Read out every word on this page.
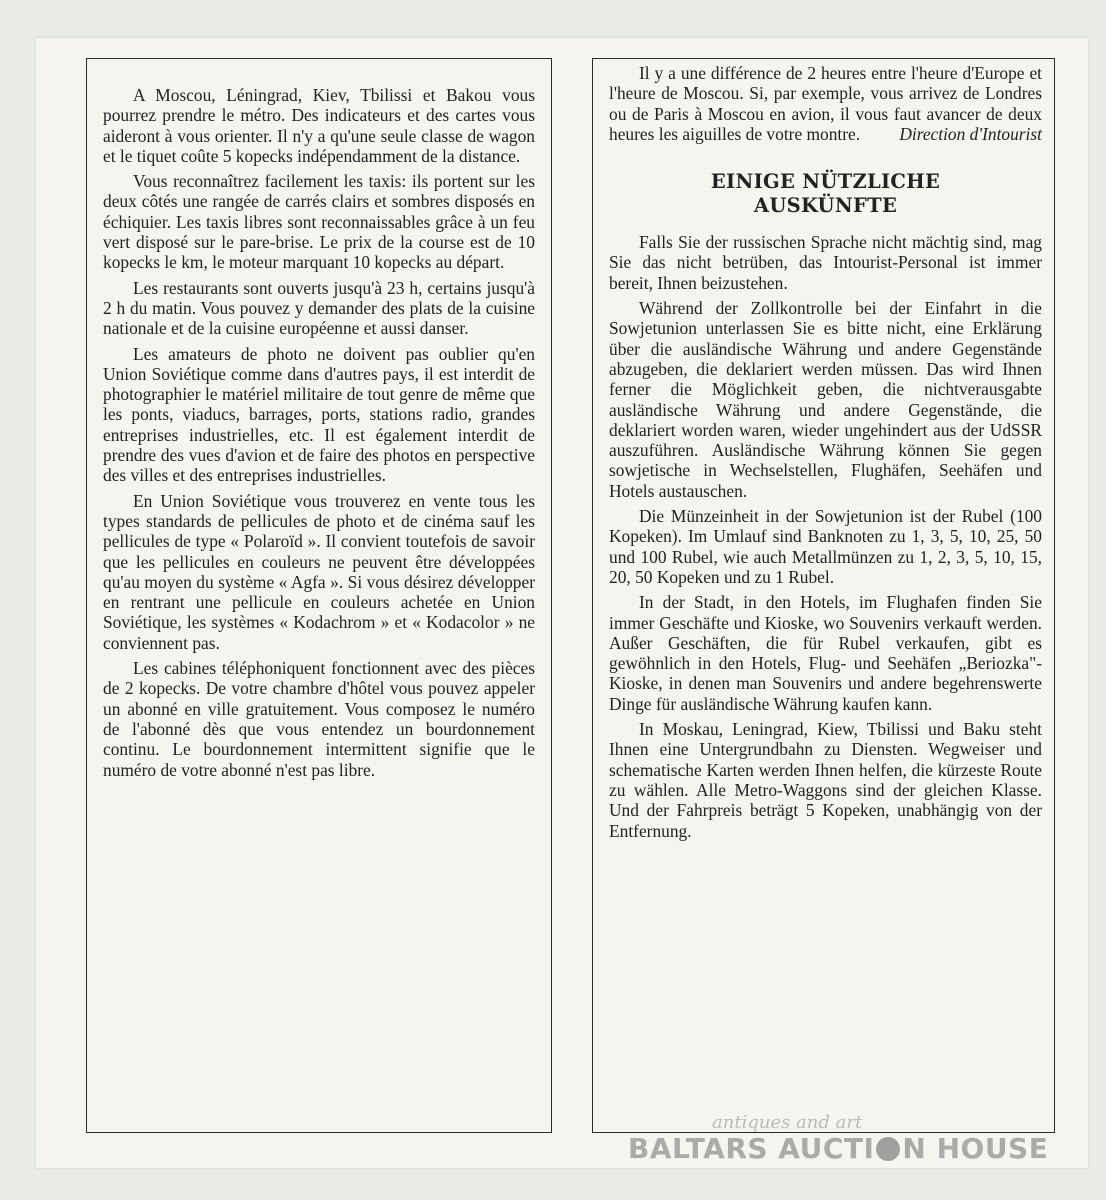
A Moscou, Léningrad, Kiev, Tbilissi et Bakou vous pourrez prendre le métro. Des indicateurs et des cartes vous aideront à vous orienter. Il n'y a qu'une seule classe de wagon et le tiquet coûte 5 kopecks indépendamment de la distance.

Vous reconnaîtrez facilement les taxis: ils portent sur les deux côtés une rangée de carrés clairs et sombres disposés en échiquier. Les taxis libres sont reconnaissables grâce à un feu vert disposé sur le pare-brise. Le prix de la course est de 10 kopecks le km, le moteur marquant 10 kopecks au départ.

Les restaurants sont ouverts jusqu'à 23 h, certains jusqu'à 2 h du matin. Vous pouvez y demander des plats de la cuisine nationale et de la cuisine européenne et aussi danser.

Les amateurs de photo ne doivent pas oublier qu'en Union Soviétique comme dans d'autres pays, il est interdit de photographier le matériel militaire de tout genre de même que les ponts, viaducs, barrages, ports, stations radio, grandes entreprises industrielles, etc. Il est également interdit de prendre des vues d'avion et de faire des photos en perspective des villes et des entreprises industrielles.

En Union Soviétique vous trouverez en vente tous les types standards de pellicules de photo et de cinéma sauf les pellicules de type « Polaroïd ». Il convient toutefois de savoir que les pellicules en couleurs ne peuvent être développées qu'au moyen du système « Agfa ». Si vous désirez développer en rentrant une pellicule en couleurs achetée en Union Soviétique, les systèmes « Kodachrom » et « Kodacolor » ne conviennent pas.

Les cabines téléphoniquent fonctionnent avec des pièces de 2 kopecks. De votre chambre d'hôtel vous pouvez appeler un abonné en ville gratuitement. Vous composez le numéro de l'abonné dès que vous entendez un bourdonnement continu. Le bourdonnement intermittent signifie que le numéro de votre abonné n'est pas libre.

Il y a une différence de 2 heures entre l'heure d'Europe et l'heure de Moscou. Si, par exemple, vous arrivez de Londres ou de Paris à Moscou en avion, il vous faut avancer de deux heures les aiguilles de votre montre.	Direction d'Intourist

EINIGE NÜTZLICHE
AUSKÜNFTE

Falls Sie der russischen Sprache nicht mächtig sind, mag Sie das nicht betrüben, das Intourist-Personal ist immer bereit, Ihnen beizustehen.

Während der Zollkontrolle bei der Einfahrt in die Sowjetunion unterlassen Sie es bitte nicht, eine Erklärung über die ausländische Währung und andere Gegenstände abzugeben, die deklariert werden müssen. Das wird Ihnen ferner die Möglichkeit geben, die nichtverausgabte ausländische Währung und andere Gegenstände, die deklariert worden waren, wieder ungehindert aus der UdSSR auszuführen. Ausländische Währung können Sie gegen sowjetische in Wechselstellen, Flughäfen, Seehäfen und Hotels austauschen.

Die Münzeinheit in der Sowjetunion ist der Rubel (100 Kopeken). Im Umlauf sind Banknoten zu 1, 3, 5, 10, 25, 50 und 100 Rubel, wie auch Metallmünzen zu 1, 2, 3, 5, 10, 15, 20, 50 Kopeken und zu 1 Rubel.

In der Stadt, in den Hotels, im Flughafen finden Sie immer Geschäfte und Kioske, wo Souvenirs verkauft werden. Außer Geschäften, die für Rubel verkaufen, gibt es gewöhnlich in den Hotels, Flug- und Seehäfen „Beriozka"-Kioske, in denen man Souvenirs und andere begehrenswerte Dinge für ausländische Währung kaufen kann.

In Moskau, Leningrad, Kiew, Tbilissi und Baku steht Ihnen eine Untergrundbahn zu Diensten. Wegweiser und schematische Karten werden Ihnen helfen, die kürzeste Route zu wählen. Alle Metro-Waggons sind der gleichen Klasse. Und der Fahrpreis beträgt 5 Kopeken, unabhängig von der Entfernung.

antiques and art
BALTARS AUCTI N HOUSE
